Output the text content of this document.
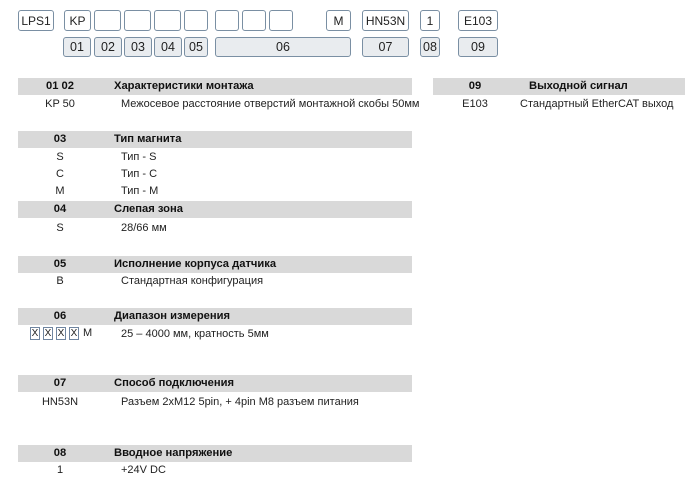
LPS1 KP	M HN53N 1	E103
01 02 03 04 05	06	07 08	09
01 02	Характеристики монтажа
KP 50	Межосевое расстояние отверстий монтажной скобы 50мм
03	Тип магнита
S	Тип - S
C	Тип - C
M	Тип - M
04	Слепая зона
S	28/66 мм
05	Исполнение корпуса датчика
B	Стандартная конфигурация
06	Диапазон измерения
X X X X M	25 – 4000 мм, кратность 5мм
07	Способ подключения
HN53N	Разъем 2xM12 5pin, + 4pin M8 разъем питания
08	Вводное напряжение
1	+24V DC
09	Выходной сигнал
E103	Стандартный EtherCAT выход
